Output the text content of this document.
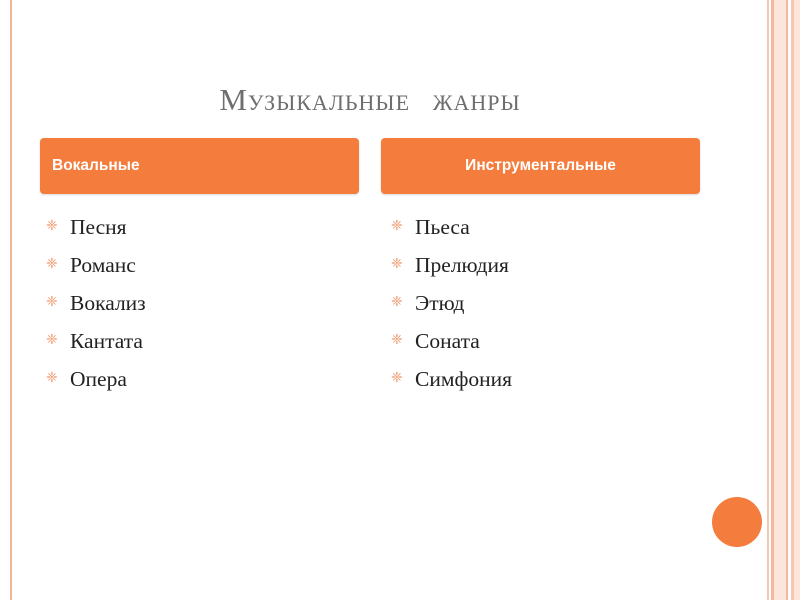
Музыкальные жанры
Вокальные	Инструментальные
❈ Песня
❈ Романс
❈ Вокализ
❈ Кантата
❈ Опера
❈ Пьеса
❈ Прелюдия
❈ Этюд
❈ Соната
❈ Симфония
